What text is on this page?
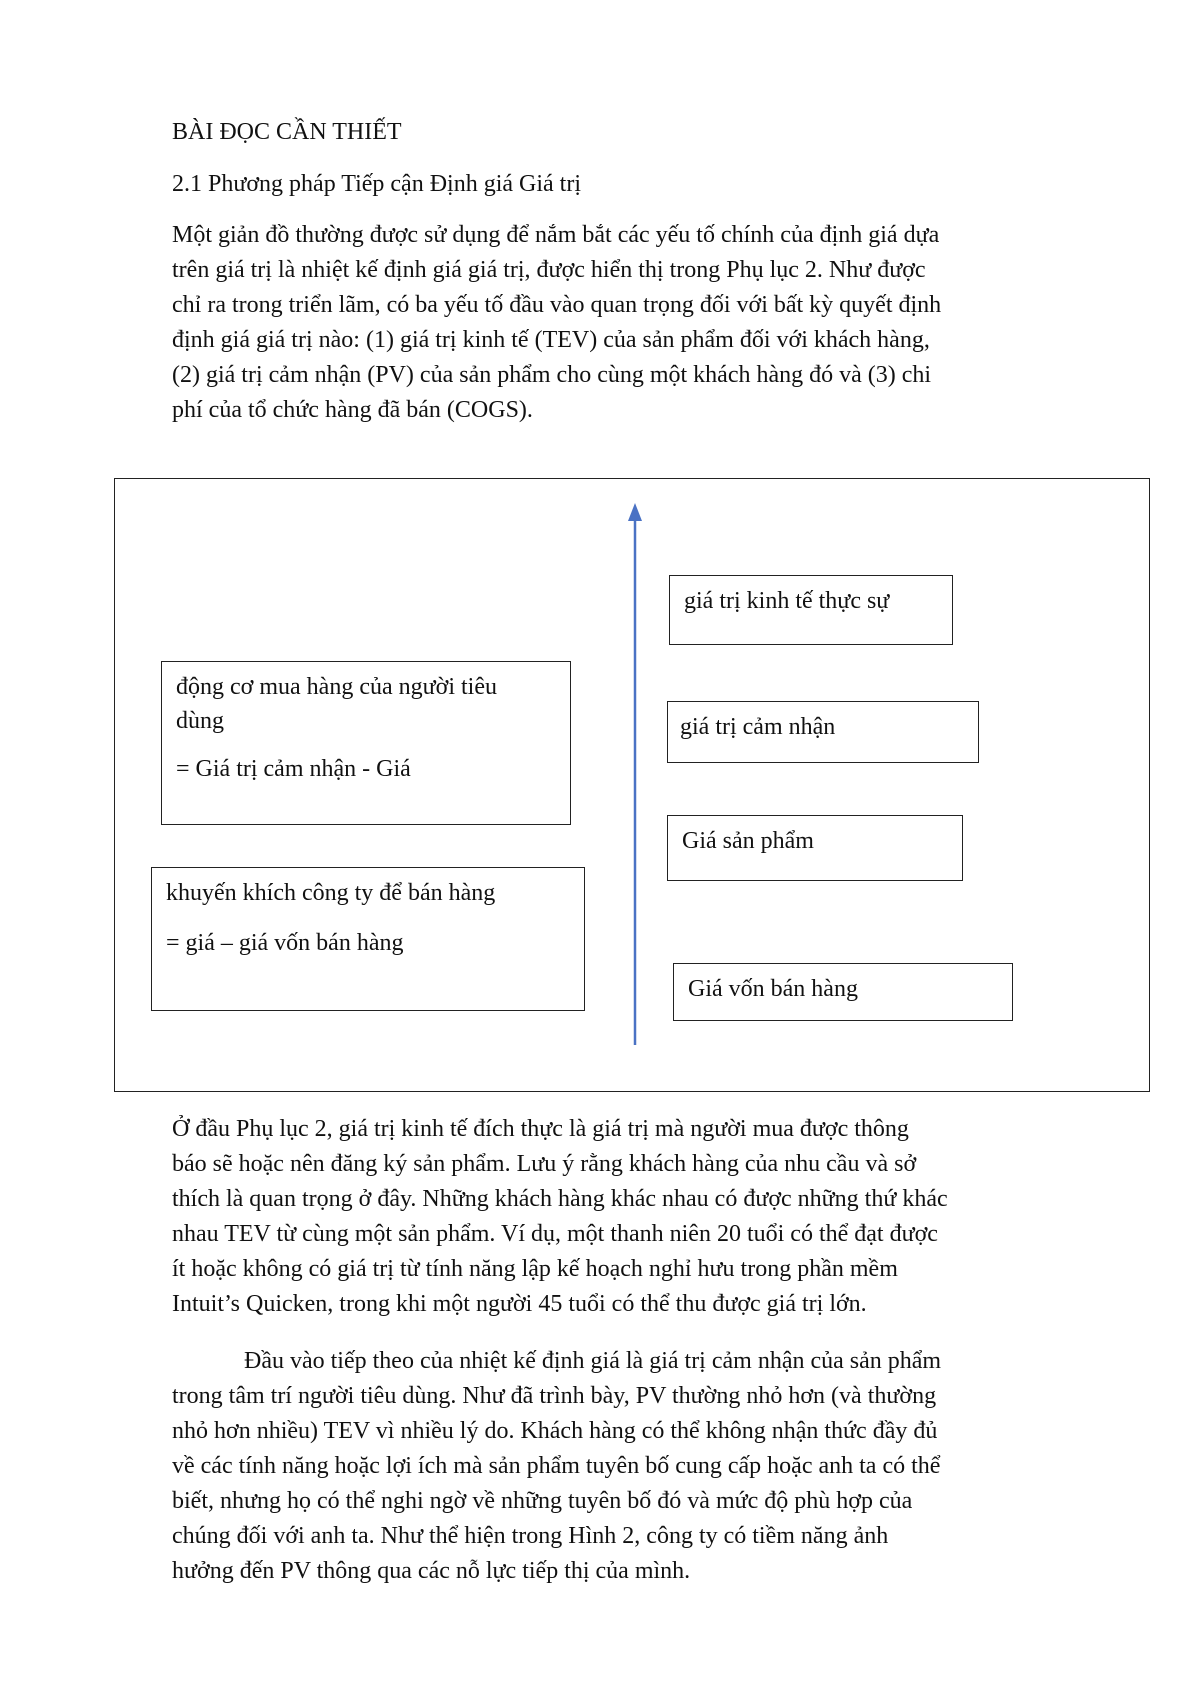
BÀI ĐỌC CẦN THIẾT
2.1 Phương pháp Tiếp cận Định giá Giá trị
Một giản đồ thường được sử dụng để nắm bắt các yếu tố chính của định giá dựa
trên giá trị là nhiệt kế định giá giá trị, được hiển thị trong Phụ lục 2. Như được
chỉ ra trong triển lãm, có ba yếu tố đầu vào quan trọng đối với bất kỳ quyết định
định giá giá trị nào: (1) giá trị kinh tế (TEV) của sản phẩm đối với khách hàng,
(2) giá trị cảm nhận (PV) của sản phẩm cho cùng một khách hàng đó và (3) chi
phí của tổ chức hàng đã bán (COGS).
động cơ mua hàng của người tiêu
dùng
= Giá trị cảm nhận - Giá
khuyến khích công ty để bán hàng
= giá – giá vốn bán hàng
giá trị kinh tế thực sự
giá trị cảm nhận
Giá sản phẩm
Giá vốn bán hàng
Ở đầu Phụ lục 2, giá trị kinh tế đích thực là giá trị mà người mua được thông
báo sẽ hoặc nên đăng ký sản phẩm. Lưu ý rằng khách hàng của nhu cầu và sở
thích là quan trọng ở đây. Những khách hàng khác nhau có được những thứ khác
nhau TEV từ cùng một sản phẩm. Ví dụ, một thanh niên 20 tuổi có thể đạt được
ít hoặc không có giá trị từ tính năng lập kế hoạch nghỉ hưu trong phần mềm
Intuit’s Quicken, trong khi một người 45 tuổi có thể thu được giá trị lớn.
Đầu vào tiếp theo của nhiệt kế định giá là giá trị cảm nhận của sản phẩm
trong tâm trí người tiêu dùng. Như đã trình bày, PV thường nhỏ hơn (và thường
nhỏ hơn nhiều) TEV vì nhiều lý do. Khách hàng có thể không nhận thức đầy đủ
về các tính năng hoặc lợi ích mà sản phẩm tuyên bố cung cấp hoặc anh ta có thể
biết, nhưng họ có thể nghi ngờ về những tuyên bố đó và mức độ phù hợp của
chúng đối với anh ta. Như thể hiện trong Hình 2, công ty có tiềm năng ảnh
hưởng đến PV thông qua các nỗ lực tiếp thị của mình.
